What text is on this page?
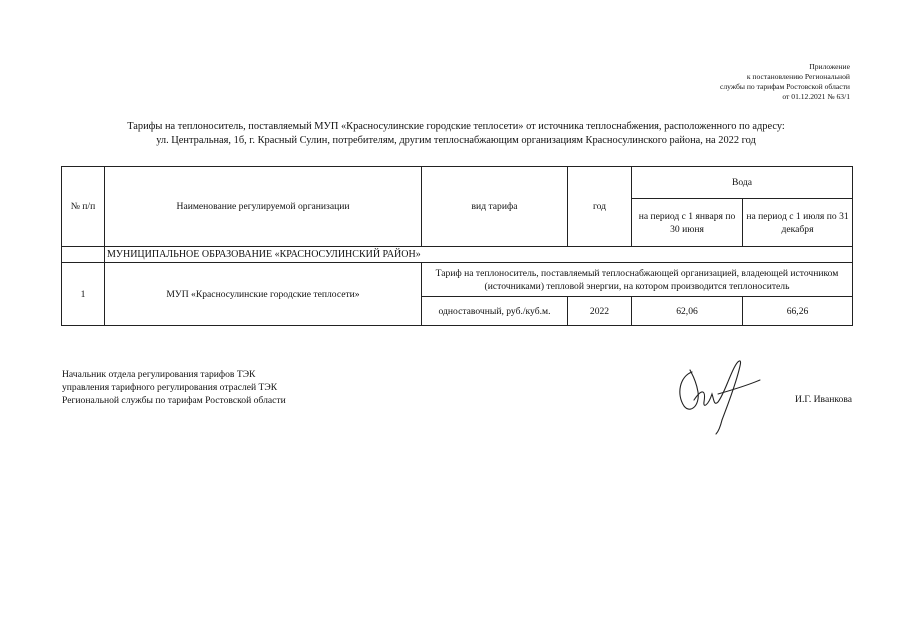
Приложение
к постановлению Региональной
службы по тарифам Ростовской области
от 01.12.2021 № 63/1
Тарифы на теплоноситель, поставляемый МУП «Красносулинские городские теплосети» от источника теплоснабжения, расположенного по адресу:
ул. Центральная, 1б, г. Красный Сулин, потребителям, другим теплоснабжающим организациям Красносулинского района, на 2022 год
№ п/п	Наименование регулируемой организации	вид тарифа	год	Вода	
				на период с 1 января по 30 июня	на период с 1 июля по 31 декабря
	МУНИЦИПАЛЬНОЕ ОБРАЗОВАНИЕ «КРАСНОСУЛИНСКИЙ РАЙОН»				
1	МУП «Красносулинские городские теплосети»	Тариф на теплоноситель, поставляемый теплоснабжающей организацией, владеющей источником (источниками) тепловой энергии, на котором производится теплоноситель			
		одноставочный, руб./куб.м.	2022	62,06	66,26
Начальник отдела регулирования тарифов ТЭК
управления тарифного регулирования отраслей ТЭК
Региональной службы по тарифам Ростовской области	И.Г. Иванкова
